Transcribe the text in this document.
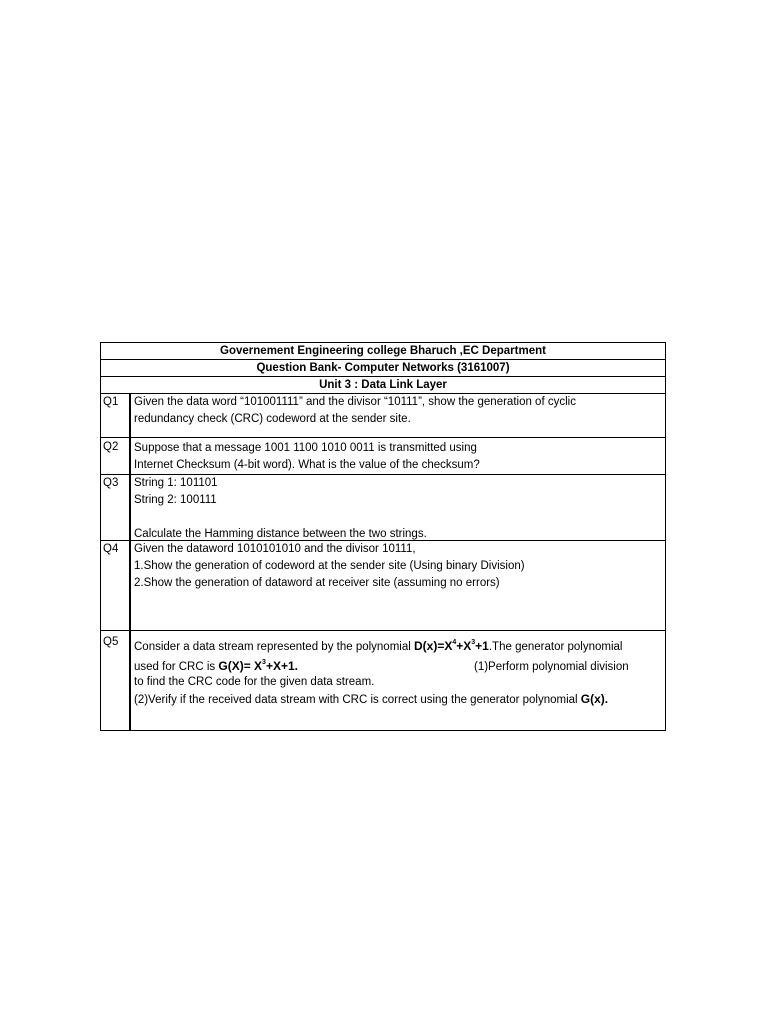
Governement Engineering college Bharuch ,EC Department
Question Bank- Computer Networks (3161007)
Unit 3 : Data Link Layer
Q1	Given the data word “101001111” and the divisor “10111”, show the generation of cyclic
redundancy check (CRC) codeword at the sender site.
Q2	Suppose that a message 1001 1100 1010 0011 is transmitted using
Internet Checksum (4-bit word). What is the value of the checksum?
Q3	String 1: 101101
String 2: 100111
Calculate the Hamming distance between the two strings.
Q4	Given the dataword 1010101010 and the divisor 10111,
1.Show the generation of codeword at the sender site (Using binary Division)
2.Show the generation of dataword at receiver site (assuming no errors)
Q5	Consider a data stream represented by the polynomial $D(x)=X^4+X^3+1.The$ generator polynomial
used for CRC is $G(X)= X^3+X+1$.	(1)Perform polynomial division
to find the CRC code for the given data stream.
(2)Verify if the received data stream with CRC is correct using the generator polynomial G(x).
